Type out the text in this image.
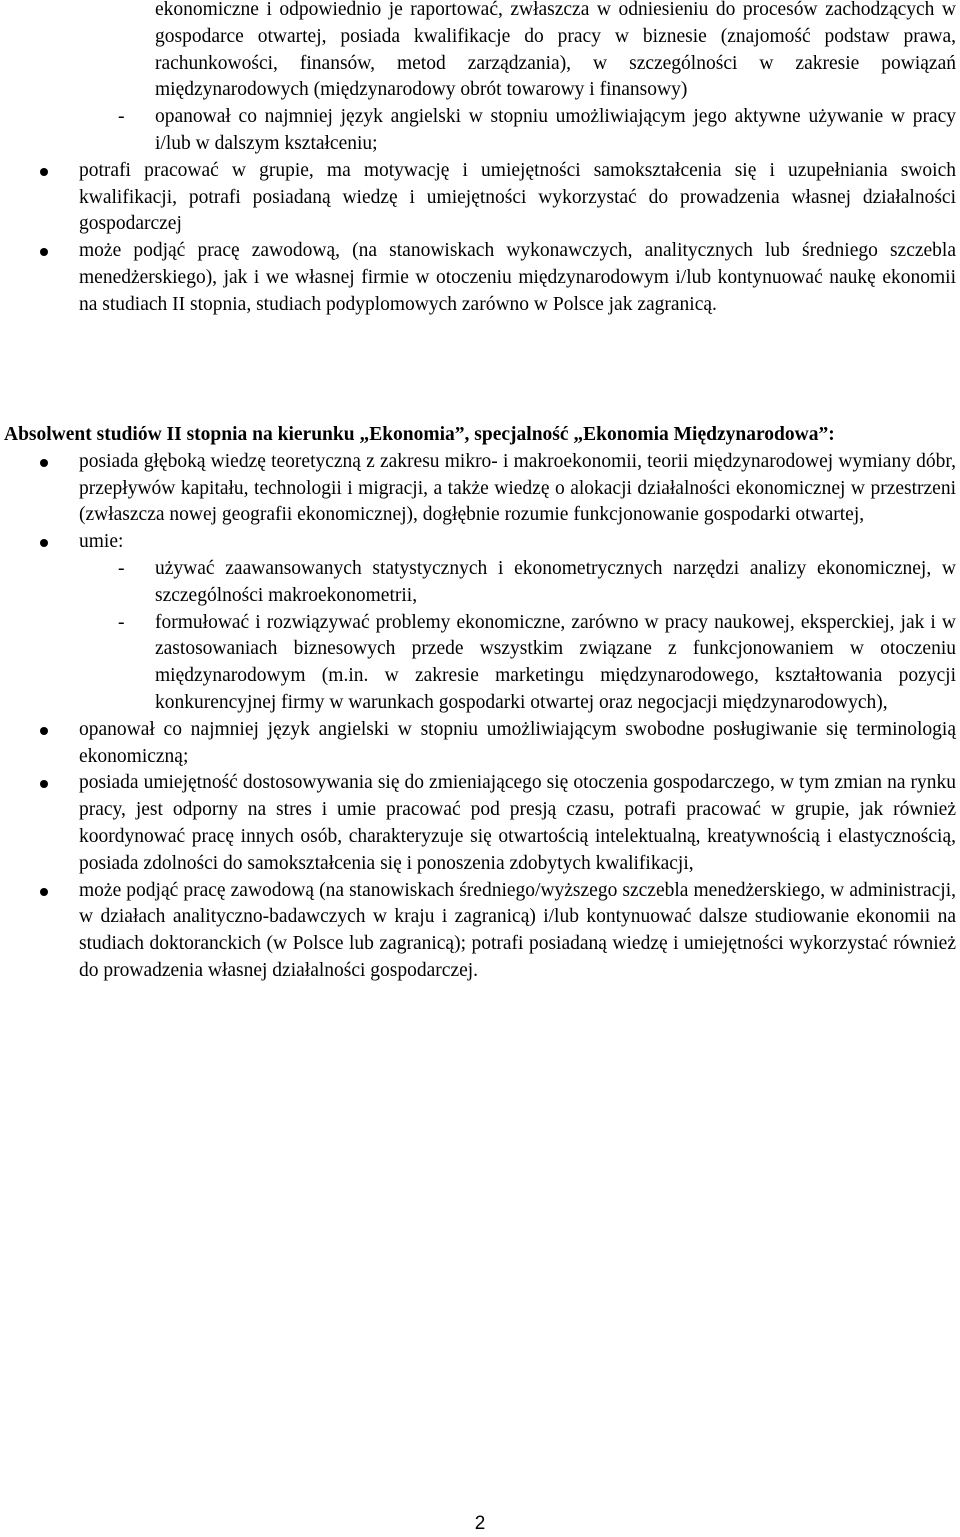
ekonomiczne i odpowiednio je raportować, zwłaszcza w odniesieniu do procesów zachodzących w gospodarce otwartej, posiada kwalifikacje do pracy w biznesie (znajomość podstaw prawa, rachunkowości, finansów, metod zarządzania), w szczególności w zakresie powiązań międzynarodowych (międzynarodowy obrót towarowy i finansowy)
- opanował co najmniej język angielski w stopniu umożliwiającym jego aktywne używanie w pracy i/lub w dalszym kształceniu;
potrafi pracować w grupie, ma motywację i umiejętności samokształcenia się i uzupełniania swoich kwalifikacji, potrafi posiadaną wiedzę i umiejętności wykorzystać do prowadzenia własnej działalności gospodarczej
może podjąć pracę zawodową, (na stanowiskach wykonawczych, analitycznych lub średniego szczebla menedżerskiego), jak i we własnej firmie w otoczeniu międzynarodowym i/lub kontynuować naukę ekonomii na studiach II stopnia, studiach podyplomowych zarówno w Polsce jak zagranicą.
Absolwent studiów II stopnia na kierunku „Ekonomia”, specjalność „Ekonomia Międzynarodowa”:
posiada głęboką wiedzę teoretyczną z zakresu mikro- i makroekonomii, teorii międzynarodowej wymiany dóbr, przepływów kapitału, technologii i migracji, a także wiedzę o alokacji działalności ekonomicznej w przestrzeni (zwłaszcza nowej geografii ekonomicznej), dogłębnie rozumie funkcjonowanie gospodarki otwartej,
umie:
- używać zaawansowanych statystycznych i ekonometrycznych narzędzi analizy ekonomicznej, w szczególności makroekonometrii,
- formułować i rozwiązywać problemy ekonomiczne, zarówno w pracy naukowej, eksperckiej, jak i w zastosowaniach biznesowych przede wszystkim związane z funkcjonowaniem w otoczeniu międzynarodowym (m.in. w zakresie marketingu międzynarodowego, kształtowania pozycji konkurencyjnej firmy w warunkach gospodarki otwartej oraz negocjacji międzynarodowych),
opanował co najmniej język angielski w stopniu umożliwiającym swobodne posługiwanie się terminologią ekonomiczną;
posiada umiejętność dostosowywania się do zmieniającego się otoczenia gospodarczego, w tym zmian na rynku pracy, jest odporny na stres i umie pracować pod presją czasu, potrafi pracować w grupie, jak również koordynować pracę innych osób, charakteryzuje się otwartością intelektualną, kreatywnością i elastycznością, posiada zdolności do samokształcenia się i ponoszenia zdobytych kwalifikacji,
może podjąć pracę zawodową (na stanowiskach średniego/wyższego szczebla menedżerskiego, w administracji, w działach analityczno-badawczych w kraju i zagranicą) i/lub kontynuować dalsze studiowanie ekonomii na studiach doktoranckich (w Polsce lub zagranicą); potrafi posiadaną wiedzę i umiejętności wykorzystać również do prowadzenia własnej działalności gospodarczej.
2
